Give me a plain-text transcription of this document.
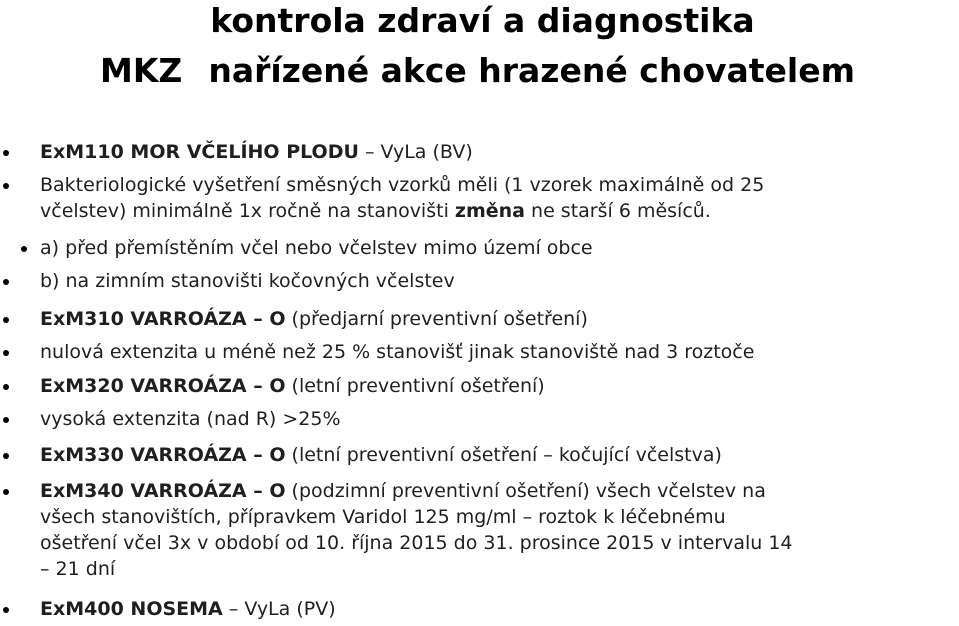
kontrola zdraví a diagnostika
MKZ nařízené akce hrazené chovatelem
ExM110 MOR VČELÍHO PLODU – VyLa (BV)
Bakteriologické vyšetření směsných vzorků měli (1 vzorek maximálně od 25
včelstev) minimálně 1x ročně na stanovišti změna ne starší 6 měsíců.
a) před přemístěním včel nebo včelstev mimo území obce
b) na zimním stanovišti kočovných včelstev
ExM310 VARROÁZA – O (předjarní preventivní ošetření)
nulová extenzita u méně než 25 % stanovišť jinak stanoviště nad 3 roztoče
ExM320 VARROÁZA – O (letní preventivní ošetření)
vysoká extenzita (nad R) >25%
ExM330 VARROÁZA – O (letní preventivní ošetření – kočující včelstva)
ExM340 VARROÁZA – O (podzimní preventivní ošetření) všech včelstev na
všech stanovištích, přípravkem Varidol 125 mg/ml – roztok k léčebnému
ošetření včel 3x v období od 10. října 2015 do 31. prosince 2015 v intervalu 14
– 21 dní
ExM400 NOSEMA – VyLa (PV)
